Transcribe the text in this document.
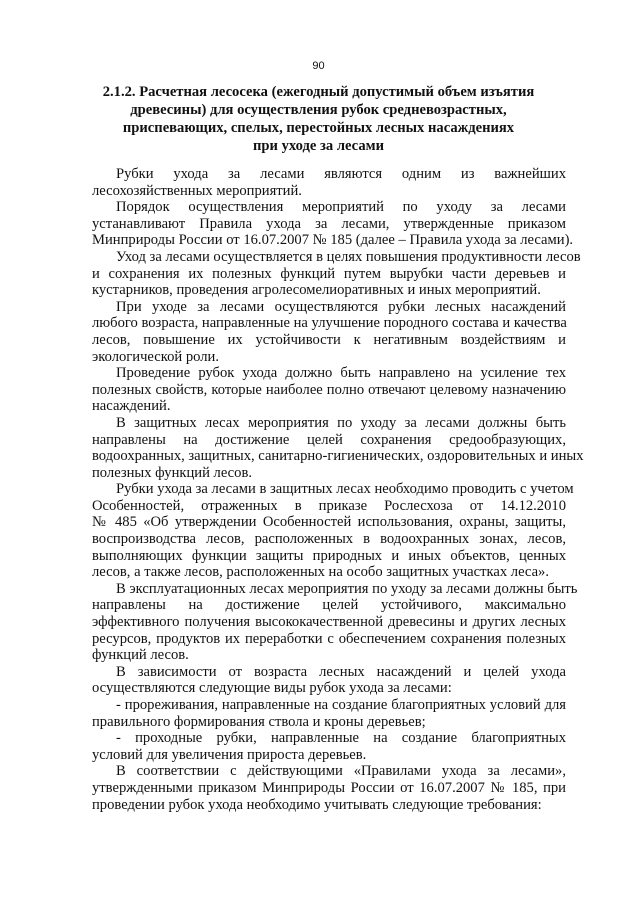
90
2.1.2. Расчетная лесосека (ежегодный допустимый объем изъятия
древесины) для осуществления рубок средневозрастных,
приспевающих, спелых, перестойных лесных насаждениях
при уходе за лесами

Рубки ухода за лесами являются одним из важнейших
лесохозяйственных мероприятий.

Порядок осуществления мероприятий по уходу за лесами
устанавливают Правила ухода за лесами, утвержденные приказом
Минприроды России от 16.07.2007 № 185 (далее – Правила ухода за лесами).

Уход за лесами осуществляется в целях повышения продуктивности лесов
и сохранения их полезных функций путем вырубки части деревьев и
кустарников, проведения агролесомелиоративных и иных мероприятий.

При уходе за лесами осуществляются рубки лесных насаждений
любого возраста, направленные на улучшение породного состава и качества
лесов, повышение их устойчивости к негативным воздействиям и
экологической роли.

Проведение рубок ухода должно быть направлено на усиление тех
полезных свойств, которые наиболее полно отвечают целевому назначению
насаждений.

В защитных лесах мероприятия по уходу за лесами должны быть
направлены на достижение целей сохранения средообразующих,
водоохранных, защитных, санитарно-гигиенических, оздоровительных и иных
полезных функций лесов.

Рубки ухода за лесами в защитных лесах необходимо проводить с учетом
Особенностей, отраженных в приказе Рослесхоза от 14.12.2010
№ 485 «Об утверждении Особенностей использования, охраны, защиты,
воспроизводства лесов, расположенных в водоохранных зонах, лесов,
выполняющих функции защиты природных и иных объектов, ценных
лесов, а также лесов, расположенных на особо защитных участках леса».

В эксплуатационных лесах мероприятия по уходу за лесами должны быть
направлены на достижение целей устойчивого, максимально
эффективного получения высококачественной древесины и других лесных
ресурсов, продуктов их переработки с обеспечением сохранения полезных
функций лесов.

В зависимости от возраста лесных насаждений и целей ухода
осуществляются следующие виды рубок ухода за лесами:

- прореживания, направленные на создание благоприятных условий для
правильного формирования ствола и кроны деревьев;

- проходные рубки, направленные на создание благоприятных
условий для увеличения прироста деревьев.

В соответствии с действующими «Правилами ухода за лесами»,
утвержденными приказом Минприроды России от 16.07.2007 № 185, при
проведении рубок ухода необходимо учитывать следующие требования:
